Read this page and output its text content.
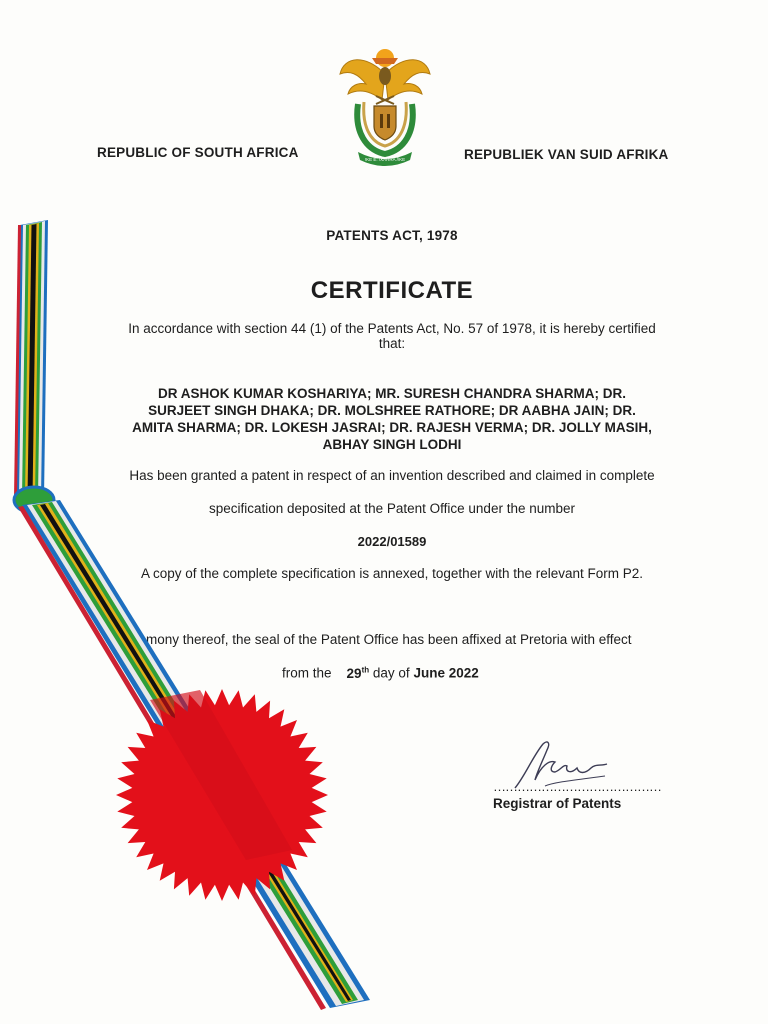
!KE E: /XARRA //KE
REPUBLIC OF SOUTH AFRICA	REPUBLIEK VAN SUID AFRIKA
PATENTS ACT, 1978
CERTIFICATE
In accordance with section 44 (1) of the Patents Act, No. 57 of 1978, it is hereby certified
that:
DR ASHOK KUMAR KOSHARIYA; MR. SURESH CHANDRA SHARMA; DR.
SURJEET SINGH DHAKA; DR. MOLSHREE RATHORE; DR AABHA JAIN; DR.
AMITA SHARMA; DR. LOKESH JASRAI; DR. RAJESH VERMA; DR. JOLLY MASIH,
ABHAY SINGH LODHI
Has been granted a patent in respect of an invention described and claimed in complete
specification deposited at the Patent Office under the number
2022/01589
A copy of the complete specification is annexed, together with the relevant Form P2.
mony thereof, the seal of the Patent Office has been affixed at Pretoria with effect
from the 29th day of June 2022
……………………………………
Registrar of Patents
